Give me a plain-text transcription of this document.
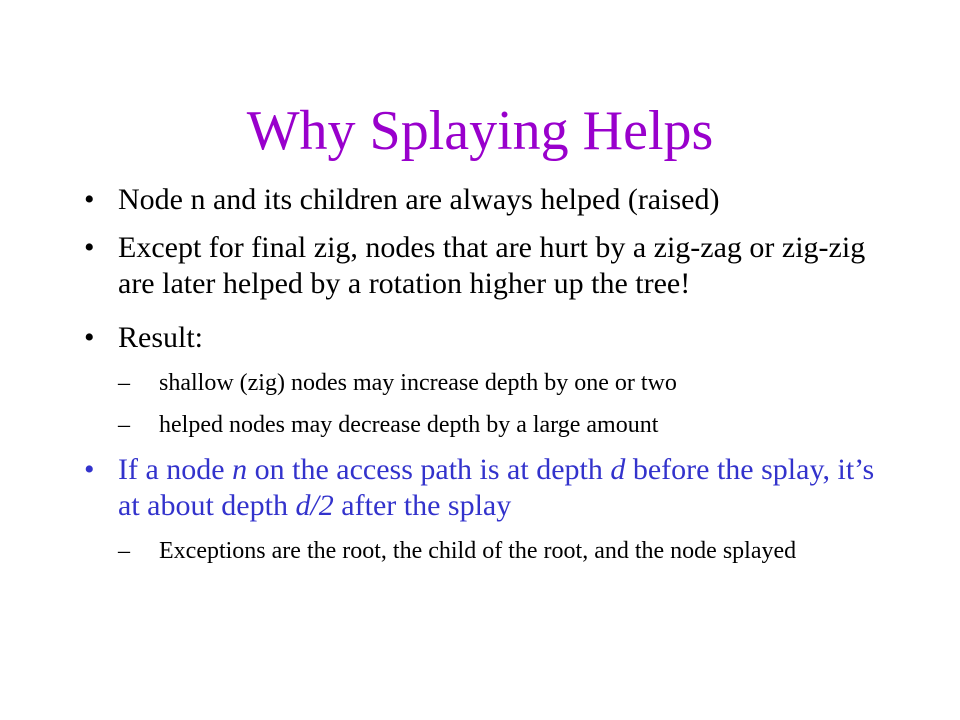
Why Splaying Helps
• Node n and its children are always helped (raised)
• Except for final zig, nodes that are hurt by a zig-zag or zig-zig are later helped by a rotation higher up the tree!
• Result:
– shallow (zig) nodes may increase depth by one or two
– helped nodes may decrease depth by a large amount
• If a node n on the access path is at depth d before the splay, it’s at about depth d/2 after the splay
– Exceptions are the root, the child of the root, and the node splayed
